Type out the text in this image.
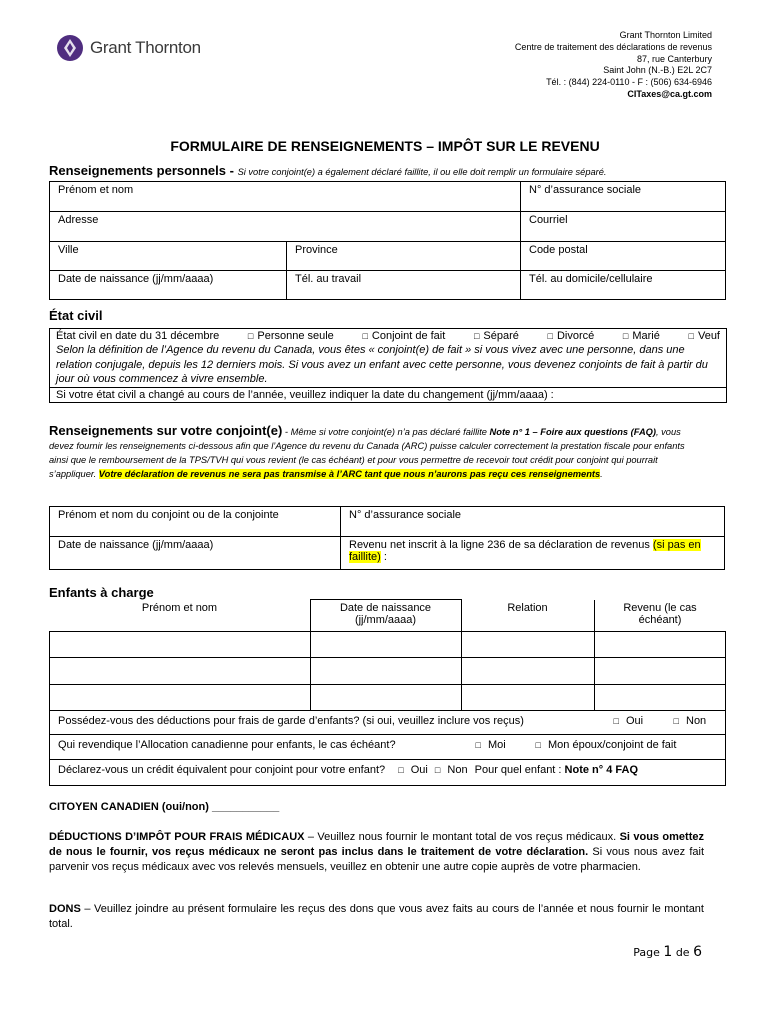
Grant Thornton
Grant Thornton Limited
Centre de traitement des déclarations de revenus
87, rue Canterbury
Saint John (N.-B.) E2L 2C7
Tél. : (844) 224-0110 - F : (506) 634-6946
CITaxes@ca.gt.com
FORMULAIRE DE RENSEIGNEMENTS – IMPÔT SUR LE REVENU
Renseignements personnels - Si votre conjoint(e) a également déclaré faillite, il ou elle doit remplir un formulaire séparé.
Prénom et nom		N° d’assurance sociale
Adresse		Courriel
Ville	Province	Code postal
Date de naissance (jj/mm/aaaa)	Tél. au travail	Tél. au domicile/cellulaire
État civil
État civil en date du 31 décembre	□ Personne seule	□ Conjoint de fait	□ Séparé	□ Divorcé	□ Marié	□ Veuf
Selon la définition de l’Agence du revenu du Canada, vous êtes « conjoint(e) de fait » si vous vivez avec une personne, dans une relation conjugale, depuis les 12 derniers mois. Si vous avez un enfant avec cette personne, vous devenez conjoints de fait à partir du jour où vous commencez à vivre ensemble.
Si votre état civil a changé au cours de l’année, veuillez indiquer la date du changement (jj/mm/aaaa) :
Renseignements sur votre conjoint(e) - Même si votre conjoint(e) n’a pas déclaré faillite Note n° 1 – Foire aux questions (FAQ), vous devez fournir les renseignements ci-dessous afin que l’Agence du revenu du Canada (ARC) puisse calculer correctement la prestation fiscale pour enfants ainsi que le remboursement de la TPS/TVH qui vous revient (le cas échéant) et pour vous permettre de recevoir tout crédit pour conjoint qui pourrait s’appliquer. Votre déclaration de revenus ne sera pas transmise à l’ARC tant que nous n’aurons pas reçu ces renseignements.
Prénom et nom du conjoint ou de la conjointe	N° d’assurance sociale
Date de naissance (jj/mm/aaaa)	Revenu net inscrit à la ligne 236 de sa déclaration de revenus (si pas en faillite) :
Enfants à charge
Prénom et nom	Date de naissance (jj/mm/aaaa)	Relation	Revenu (le cas échéant)

Possédez-vous des déductions pour frais de garde d’enfants? (si oui, veuillez inclure vos reçus) □ Oui □ Non			

Qui revendique l’Allocation canadienne pour enfants, le cas échéant? □ Moi □ Mon époux/conjoint de fait			

Déclarez-vous un crédit équivalent pour conjoint pour votre enfant? □ Oui □ Non Pour quel enfant : Note n° 4 FAQ			
CITOYEN CANADIEN (oui/non) ___________
DÉDUCTIONS D’IMPÔT POUR FRAIS MÉDICAUX – Veuillez nous fournir le montant total de vos reçus médicaux. Si vous omettez de nous le fournir, vos reçus médicaux ne seront pas inclus dans le traitement de votre déclaration. Si vous nous avez fait parvenir vos reçus médicaux avec vos relevés mensuels, veuillez en obtenir une autre copie auprès de votre pharmacien.
DONS – Veuillez joindre au présent formulaire les reçus des dons que vous avez faits au cours de l’année et nous fournir le montant total.
Page 1 de 6
